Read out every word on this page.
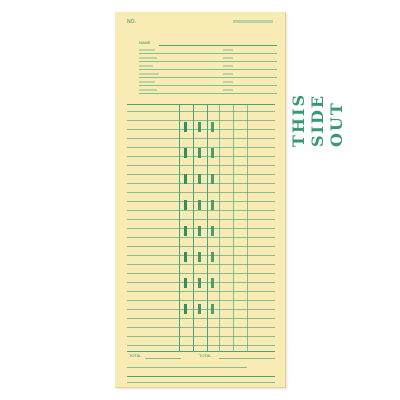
NO.
NAME
THIS SIDE OUT
TOTAL	TOTAL
